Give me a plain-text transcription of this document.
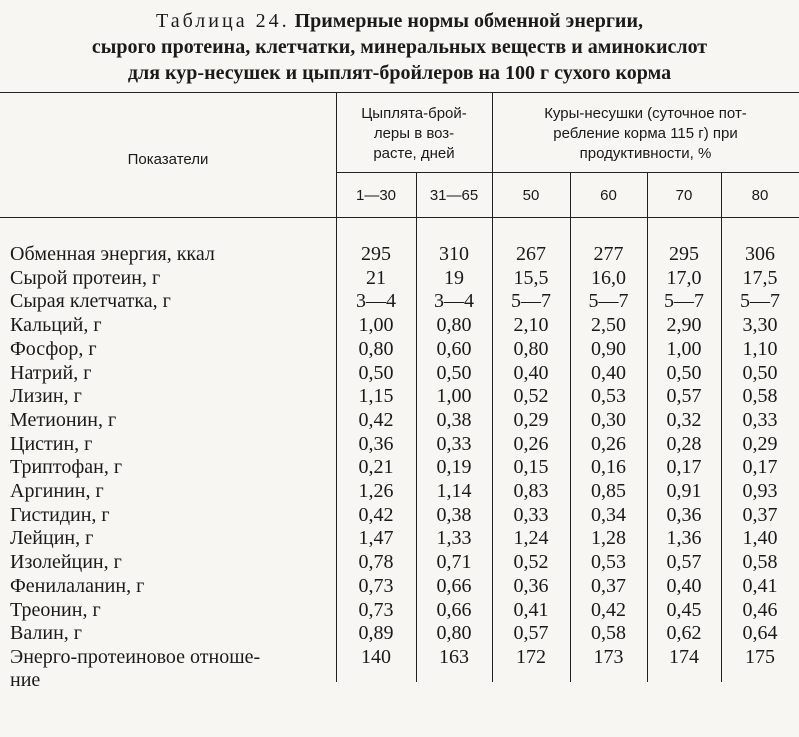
Таблица 24. Примерные нормы обменной энергии,
сырого протеина, клетчатки, минеральных веществ и аминокислот
для кур-несушек и цыплят-бройлеров на 100 г сухого корма
Показатели
Цыплята-брой-
леры в воз-
расте, дней
Куры-несушки (суточное пот-
ребление корма 115 г) при
продуктивности, %
1—30	31—65	50	60	70	80
Обменная энергия, ккал	295	310	267	277	295	306
Сырой протеин, г	21	19	15,5	16,0	17,0	17,5
Сырая клетчатка, г	3—4	3—4	5—7	5—7	5—7	5—7
Кальций, г	1,00	0,80	2,10	2,50	2,90	3,30
Фосфор, г	0,80	0,60	0,80	0,90	1,00	1,10
Натрий, г	0,50	0,50	0,40	0,40	0,50	0,50
Лизин, г	1,15	1,00	0,52	0,53	0,57	0,58
Метионин, г	0,42	0,38	0,29	0,30	0,32	0,33
Цистин, г	0,36	0,33	0,26	0,26	0,28	0,29
Триптофан, г	0,21	0,19	0,15	0,16	0,17	0,17
Аргинин, г	1,26	1,14	0,83	0,85	0,91	0,93
Гистидин, г	0,42	0,38	0,33	0,34	0,36	0,37
Лейцин, г	1,47	1,33	1,24	1,28	1,36	1,40
Изолейцин, г	0,78	0,71	0,52	0,53	0,57	0,58
Фенилаланин, г	0,73	0,66	0,36	0,37	0,40	0,41
Треонин, г	0,73	0,66	0,41	0,42	0,45	0,46
Валин, г	0,89	0,80	0,57	0,58	0,62	0,64
Энерго-протеиновое отноше-
ние
140	163	172	173	174	175
